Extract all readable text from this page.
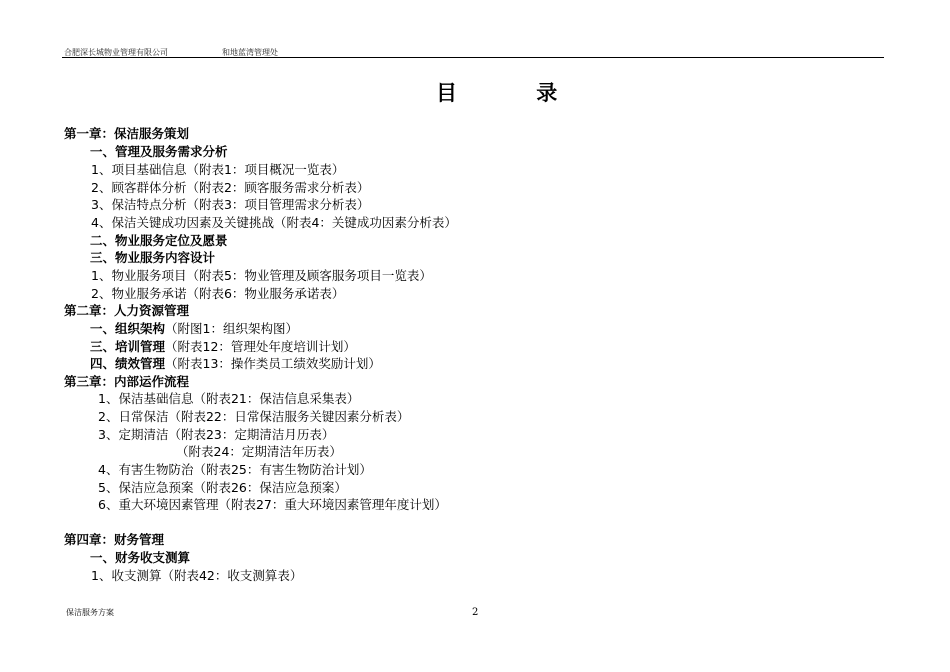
合肥深长城物业管理有限公司	和地蓝湾管理处
目 录
第一章：保洁服务策划
一、管理及服务需求分析
1、项目基础信息（附表1：项目概况一览表）
2、顾客群体分析（附表2：顾客服务需求分析表）
3、保洁特点分析（附表3：项目管理需求分析表）
4、保洁关键成功因素及关键挑战（附表4：关键成功因素分析表）
二、物业服务定位及愿景
三、物业服务内容设计
1、物业服务项目（附表5：物业管理及顾客服务项目一览表）
2、物业服务承诺（附表6：物业服务承诺表）
第二章：人力资源管理
一、组织架构（附图1：组织架构图）
三、培训管理（附表12：管理处年度培训计划）
四、绩效管理（附表13：操作类员工绩效奖励计划）
第三章：内部运作流程
1、保洁基础信息（附表21：保洁信息采集表）
2、日常保洁（附表22：日常保洁服务关键因素分析表）
3、定期清洁（附表23：定期清洁月历表）
（附表24：定期清洁年历表）
4、有害生物防治（附表25：有害生物防治计划）
5、保洁应急预案（附表26：保洁应急预案）
6、重大环境因素管理（附表27：重大环境因素管理年度计划）
第四章：财务管理
一、财务收支测算
1、收支测算（附表42：收支测算表）
保洁服务方案	2
